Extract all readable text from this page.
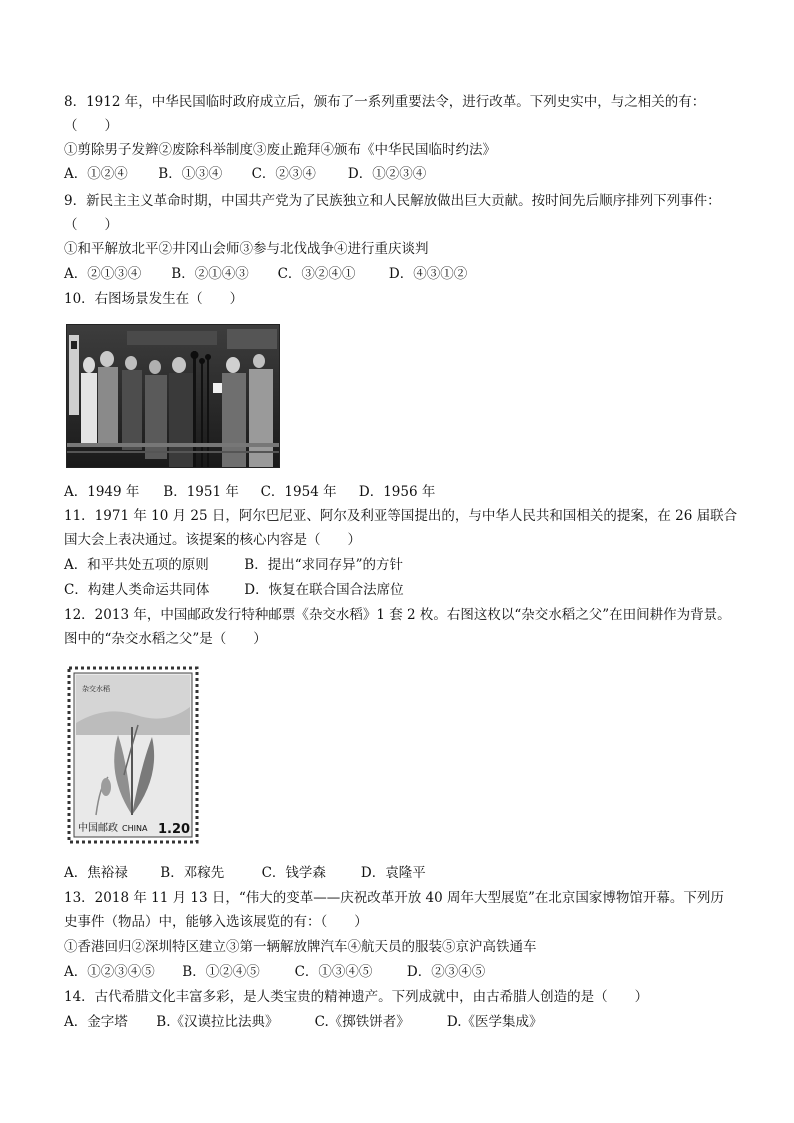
8．1912 年，中华民国临时政府成立后，颁布了一系列重要法令，进行改革。下列史实中，与之相关的有：
（　　）
①剪除男子发辫②废除科举制度③废止跪拜④颁布《中华民国临时约法》
A．①②④ B．①③④ C．②③④ D．①②③④
9．新民主主义革命时期，中国共产党为了民族独立和人民解放做出巨大贡献。按时间先后顺序排列下列事件：
（　　）
①和平解放北平②井冈山会师③参与北伐战争④进行重庆谈判
A．②①③④ B．②①④③ C．③②④① D．④③①②
10．右图场景发生在（　　）
A．1949 年 B．1951 年 C．1954 年 D．1956 年
11．1971 年 10 月 25 日，阿尔巴尼亚、阿尔及利亚等国提出的，与中华人民共和国相关的提案，在 26 届联合
国大会上表决通过。该提案的核心内容是（　　）
A．和平共处五项的原则	B．提出“求同存异”的方针
C．构建人类命运共同体	D．恢复在联合国合法席位
12．2013 年，中国邮政发行特种邮票《杂交水稻》1 套 2 枚。右图这枚以“杂交水稻之父”在田间耕作为背景。
图中的“杂交水稻之父”是（　　）
中国邮政 CHINA 1.20
杂交水稻
A．焦裕禄 B．邓稼先	C．钱学森	D．袁隆平
13．2018 年 11 月 13 日，“伟大的变革——庆祝改革开放 40 周年大型展览”在北京国家博物馆开幕。下列历
史事件（物品）中，能够入选该展览的有：（　　）
①香港回归②深圳特区建立③第一辆解放牌汽车④航天员的服装⑤京沪高铁通车
A．①②③④⑤ B．①②④⑤	C．①③④⑤	D．②③④⑤
14．古代希腊文化丰富多彩，是人类宝贵的精神遗产。下列成就中，由古希腊人创造的是（　　）
A．金字塔 B.《汉谟拉比法典》	C.《掷铁饼者》	D.《医学集成》
